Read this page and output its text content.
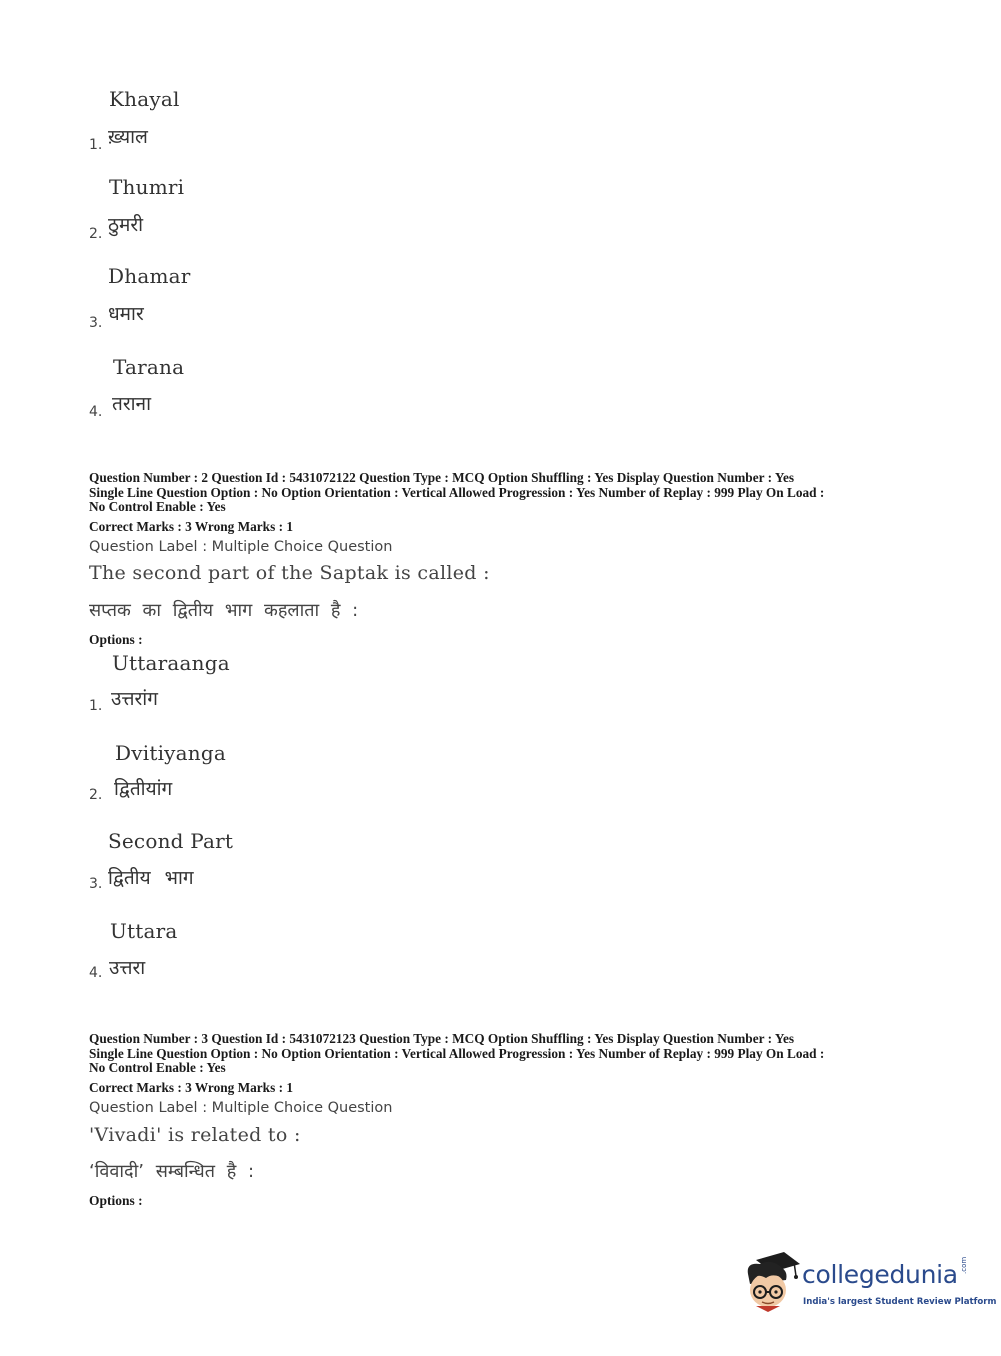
Khayal
1. ख़्याल
Thumri
2. ठुमरी
Dhamar
3. धमार
Tarana
4. तराना
Question Number : 2 Question Id : 5431072122 Question Type : MCQ Option Shuffling : Yes Display Question Number : Yes
Single Line Question Option : No Option Orientation : Vertical Allowed Progression : Yes Number of Replay : 999 Play On Load :
No Control Enable : Yes
Correct Marks : 3 Wrong Marks : 1
Question Label : Multiple Choice Question
The second part of the Saptak is called :
सप्तक का द्वितीय भाग कहलाता है :
Options :
Uttaraanga
1. उत्तरांग
Dvitiyanga
2. द्वितीयांग
Second Part
3. द्वितीय भाग
Uttara
4. उत्तरा
Question Number : 3 Question Id : 5431072123 Question Type : MCQ Option Shuffling : Yes Display Question Number : Yes
Single Line Question Option : No Option Orientation : Vertical Allowed Progression : Yes Number of Replay : 999 Play On Load :
No Control Enable : Yes
Correct Marks : 3 Wrong Marks : 1
Question Label : Multiple Choice Question
'Vivadi' is related to :
‘विवादी’ सम्बन्धित है :
Options :
collegedunia .com
India's largest Student Review Platform
